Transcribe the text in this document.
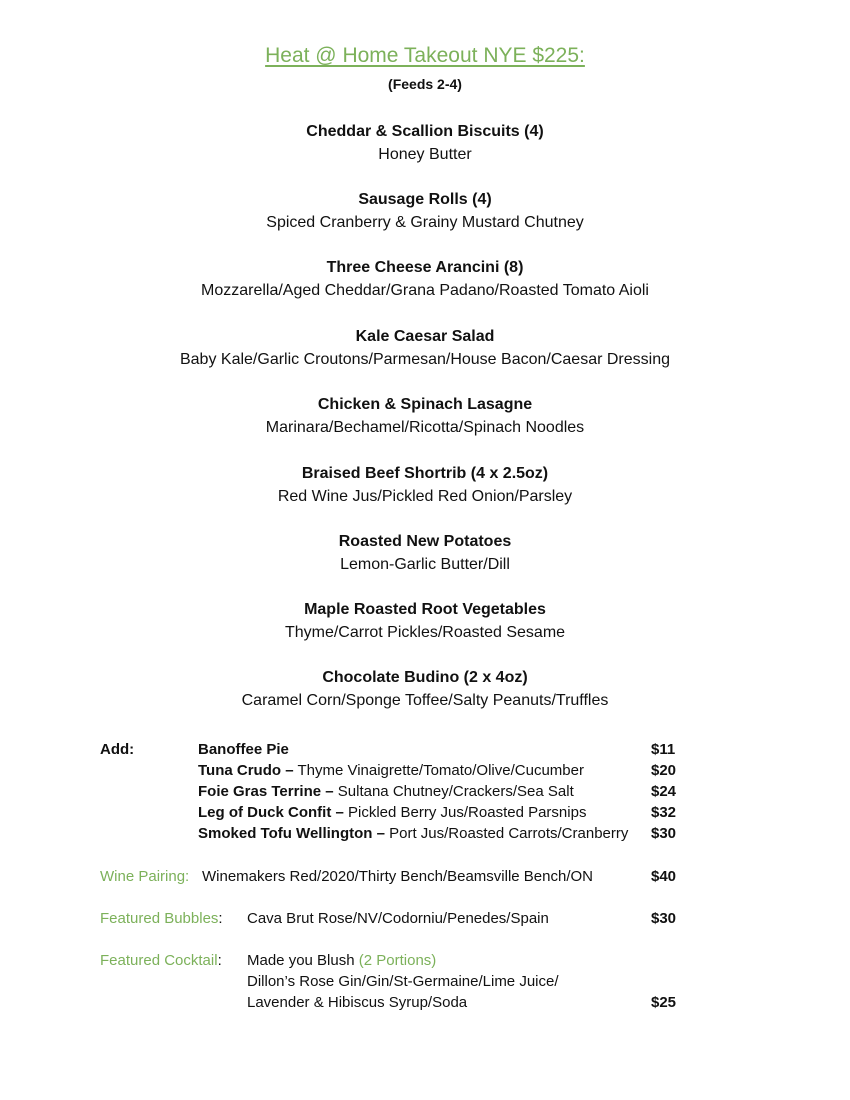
Heat @ Home Takeout NYE $225:
(Feeds 2-4)
Cheddar & Scallion Biscuits (4)
Honey Butter
Sausage Rolls (4)
Spiced Cranberry & Grainy Mustard Chutney
Three Cheese Arancini (8)
Mozzarella/Aged Cheddar/Grana Padano/Roasted Tomato Aioli
Kale Caesar Salad
Baby Kale/Garlic Croutons/Parmesan/House Bacon/Caesar Dressing
Chicken & Spinach Lasagne
Marinara/Bechamel/Ricotta/Spinach Noodles
Braised Beef Shortrib (4 x 2.5oz)
Red Wine Jus/Pickled Red Onion/Parsley
Roasted New Potatoes
Lemon-Garlic Butter/Dill
Maple Roasted Root Vegetables
Thyme/Carrot Pickles/Roasted Sesame
Chocolate Budino (2 x 4oz)
Caramel Corn/Sponge Toffee/Salty Peanuts/Truffles
Add:	Banoffee Pie	$11
Tuna Crudo – Thyme Vinaigrette/Tomato/Olive/Cucumber	$20
Foie Gras Terrine – Sultana Chutney/Crackers/Sea Salt	$24
Leg of Duck Confit – Pickled Berry Jus/Roasted Parsnips	$32
Smoked Tofu Wellington – Port Jus/Roasted Carrots/Cranberry $30
Wine Pairing: Winemakers Red/2020/Thirty Bench/Beamsville Bench/ON	$40
Featured Bubbles: Cava Brut Rose/NV/Codorniu/Penedes/Spain	$30
Featured Cocktail: Made you Blush (2 Portions)
Dillon’s Rose Gin/Gin/St-Germaine/Lime Juice/
Lavender & Hibiscus Syrup/Soda	$25
